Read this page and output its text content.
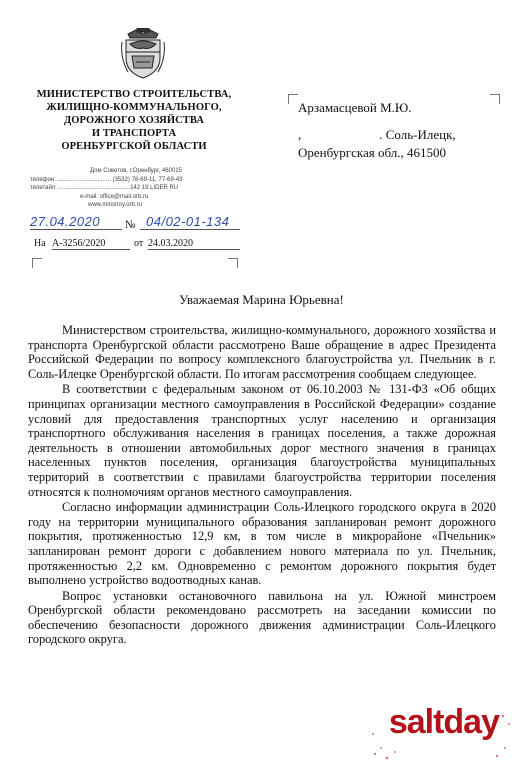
МИНИСТЕРСТВО СТРОИТЕЛЬСТВА,
ЖИЛИЩНО-КОММУНАЛЬНОГО,
ДОРОЖНОГО ХОЗЯЙСТВА
И ТРАНСПОРТА
ОРЕНБУРГСКОЙ ОБЛАСТИ
Дом Советов, г.Оренбург, 460015
телефон: ................................ (3532) 78-69-11, 77-69-43
телетайп: ...........................................142 19 LIDER RU
e-mail: office@mail.orb.ru
www.minstroy.orb.ru
27.04.2020 № 04/02-01-134
На А-3256/2020	от 24.03.2020
Арзамасцевой М.Ю.
,                        . Соль-Илецк,
Оренбургская обл., 461500
Уважаемая Марина Юрьевна!

Министерством строительства, жилищно-коммунального, дорожного хозяйства и транспорта Оренбургской области рассмотрено Ваше обращение в адрес Президента Российской Федерации по вопросу комплексного благоустройства ул. Пчельник в г. Соль-Илецке Оренбургской области. По итогам рассмотрения сообщаем следующее.

В соответствии с федеральным законом от 06.10.2003 № 131-ФЗ «Об общих принципах организации местного самоуправления в Российской Федерации» создание условий для предоставления транспортных услуг населению и организация транспортного обслуживания населения в границах поселения, а также дорожная деятельность в отношении автомобильных дорог местного значения в границах населенных пунктов поселения, организация благоустройства муниципальных территорий в соответствии с правилами благоустройства территории поселения относятся к полномочиям органов местного самоуправления.

Согласно информации администрации Соль-Илецкого городского округа в 2020 году на территории муниципального образования запланирован ремонт дорожного покрытия, протяженностью 12,9 км, в том числе в микрорайоне «Пчельник» запланирован ремонт дороги с добавлением нового материала по ул. Пчельник, протяженностью 2,2 км. Одновременно с ремонтом дорожного покрытия будет выполнено устройство водоотводных канав.

Вопрос установки остановочного павильона на ул. Южной минстроем Оренбургской области рекомендовано рассмотреть на заседании комиссии по обеспечению безопасности дорожного движения администрации Соль-Илецкого городского округа.

saltday
